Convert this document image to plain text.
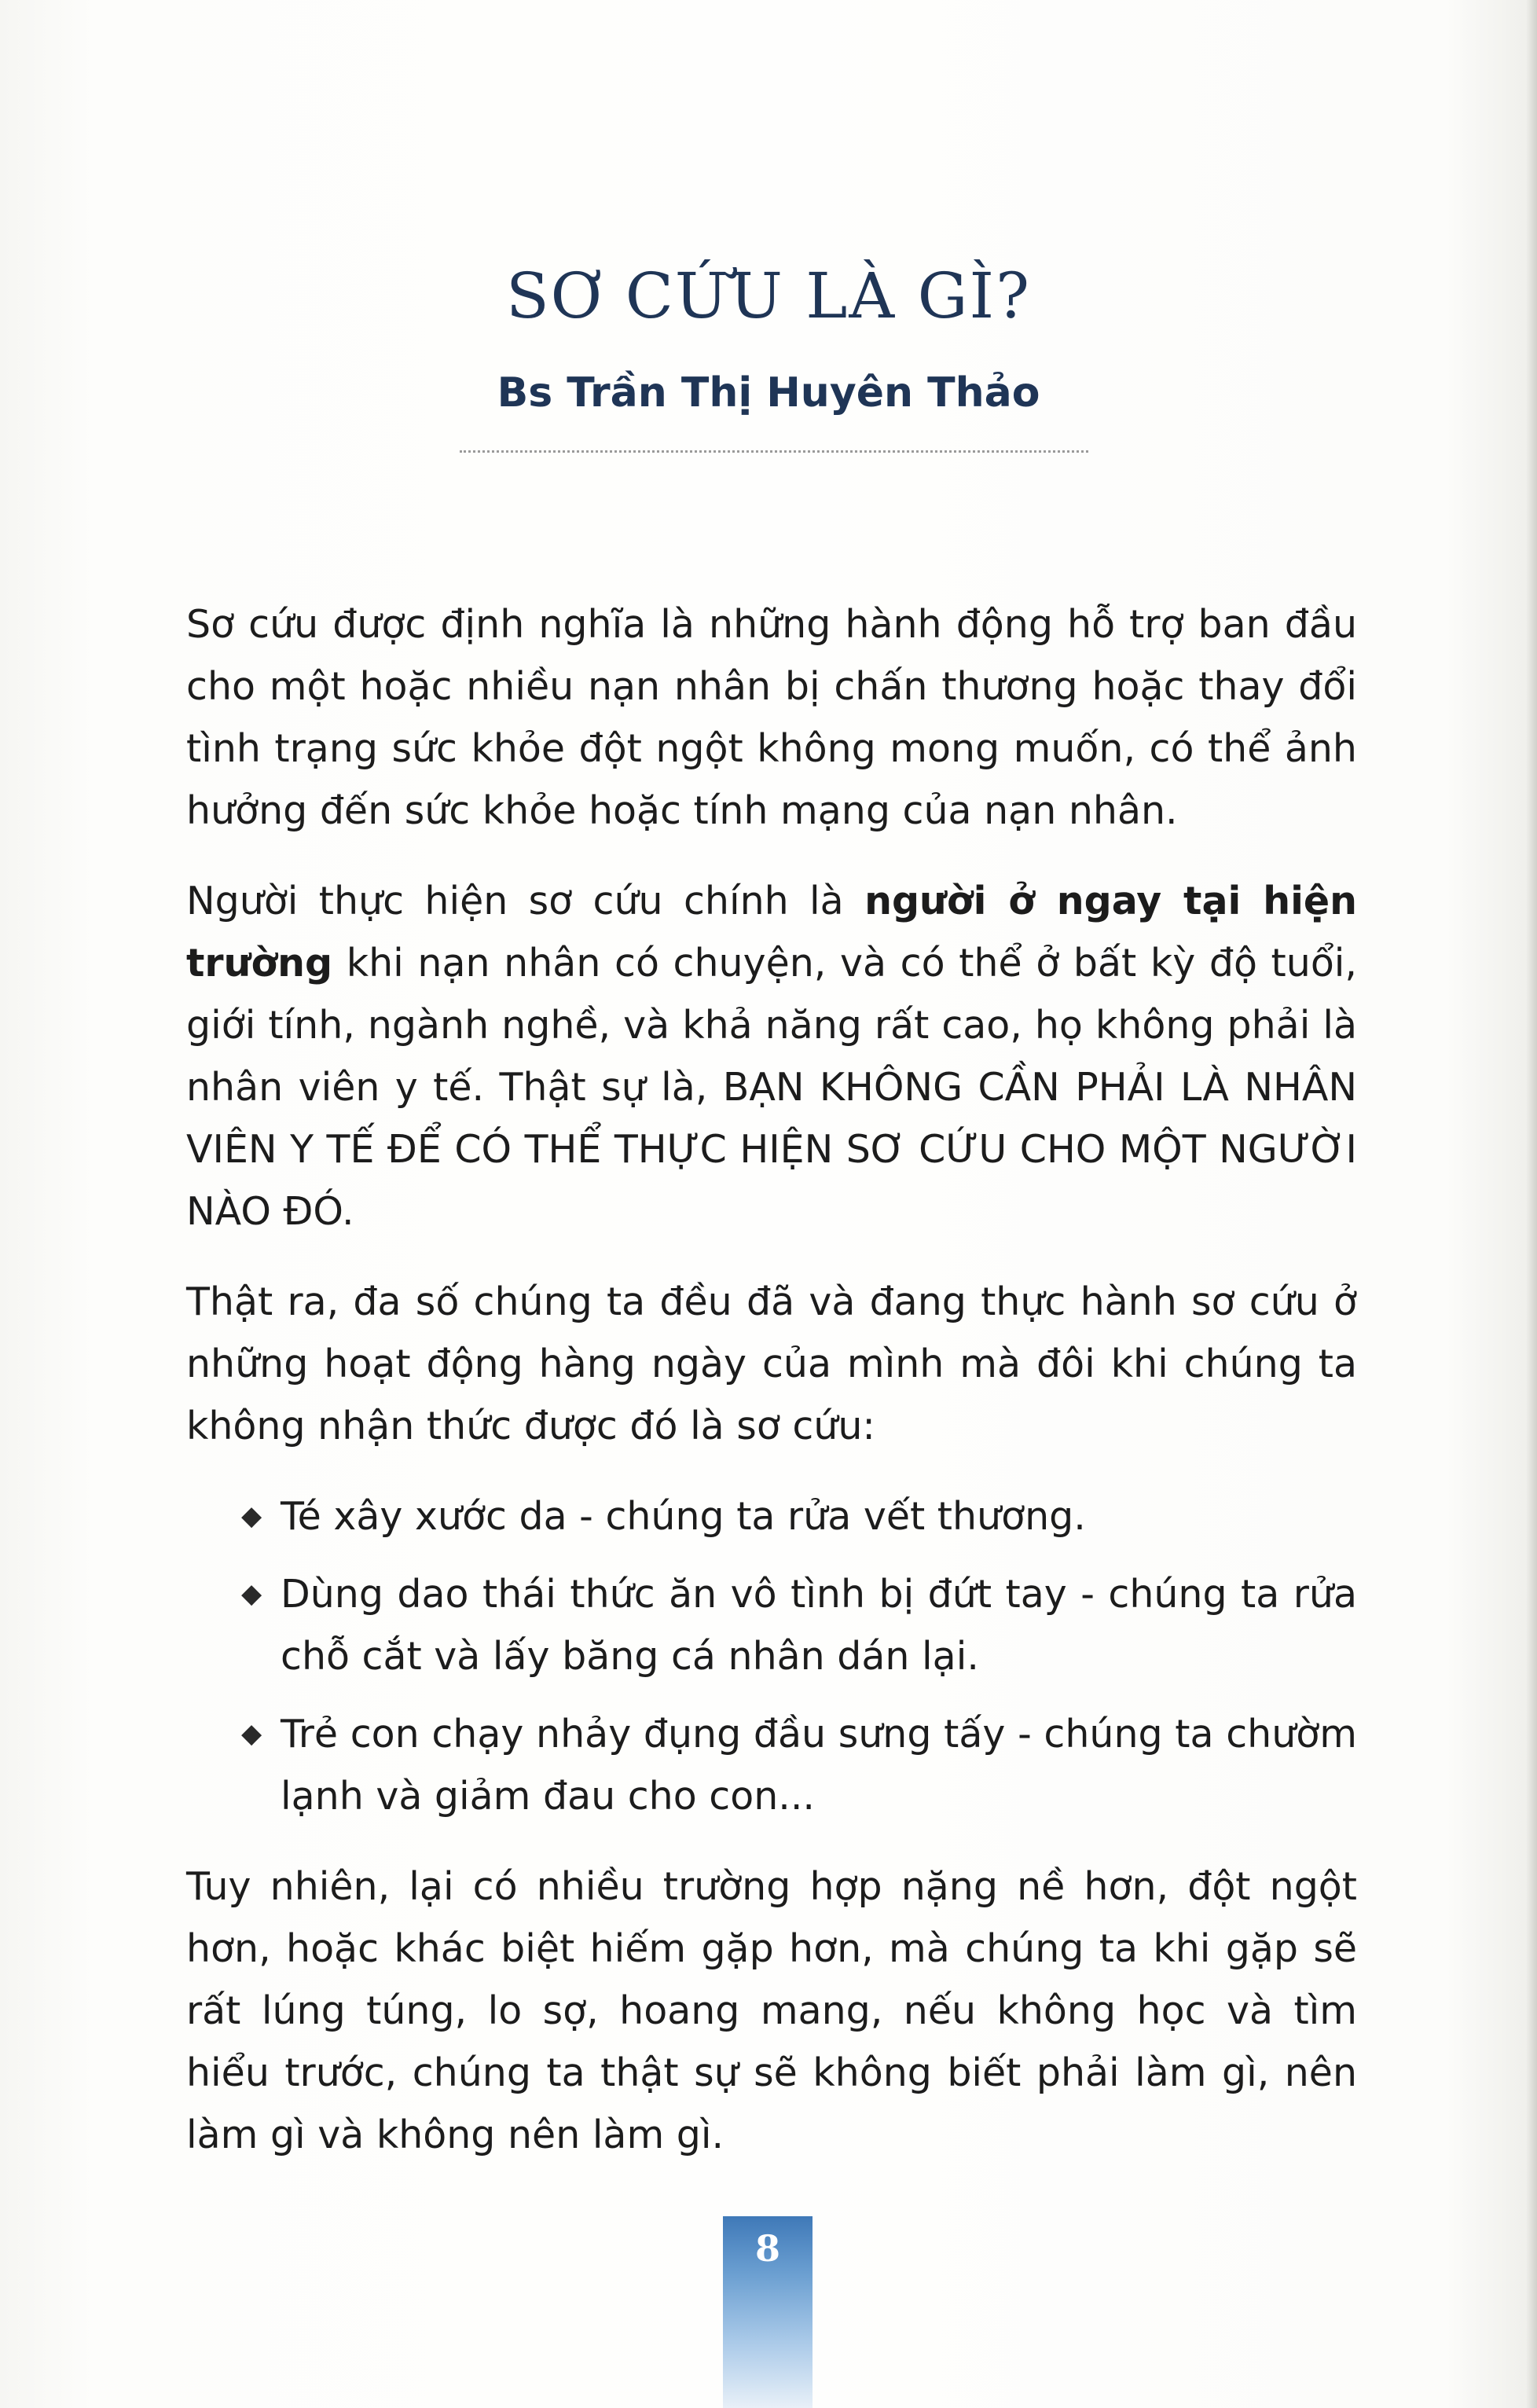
SƠ CỨU LÀ GÌ?
Bs Trần Thị Huyên Thảo

Sơ cứu được định nghĩa là những hành động hỗ trợ ban đầu cho một hoặc nhiều nạn nhân bị chấn thương hoặc thay đổi tình trạng sức khỏe đột ngột không mong muốn, có thể ảnh hưởng đến sức khỏe hoặc tính mạng của nạn nhân.

Người thực hiện sơ cứu chính là người ở ngay tại hiện trường khi nạn nhân có chuyện, và có thể ở bất kỳ độ tuổi, giới tính, ngành nghề, và khả năng rất cao, họ không phải là nhân viên y tế. Thật sự là, BẠN KHÔNG CẦN PHẢI LÀ NHÂN VIÊN Y TẾ ĐỂ CÓ THỂ THỰC HIỆN SƠ CỨU CHO MỘT NGƯỜI NÀO ĐÓ.

Thật ra, đa số chúng ta đều đã và đang thực hành sơ cứu ở những hoạt động hàng ngày của mình mà đôi khi chúng ta không nhận thức được đó là sơ cứu:

◆ Té xây xước da - chúng ta rửa vết thương.
◆ Dùng dao thái thức ăn vô tình bị đứt tay - chúng ta rửa chỗ cắt và lấy băng cá nhân dán lại.
◆ Trẻ con chạy nhảy đụng đầu sưng tấy - chúng ta chườm lạnh và giảm đau cho con...

Tuy nhiên, lại có nhiều trường hợp nặng nề hơn, đột ngột hơn, hoặc khác biệt hiếm gặp hơn, mà chúng ta khi gặp sẽ rất lúng túng, lo sợ, hoang mang, nếu không học và tìm hiểu trước, chúng ta thật sự sẽ không biết phải làm gì, nên làm gì và không nên làm gì.

8
